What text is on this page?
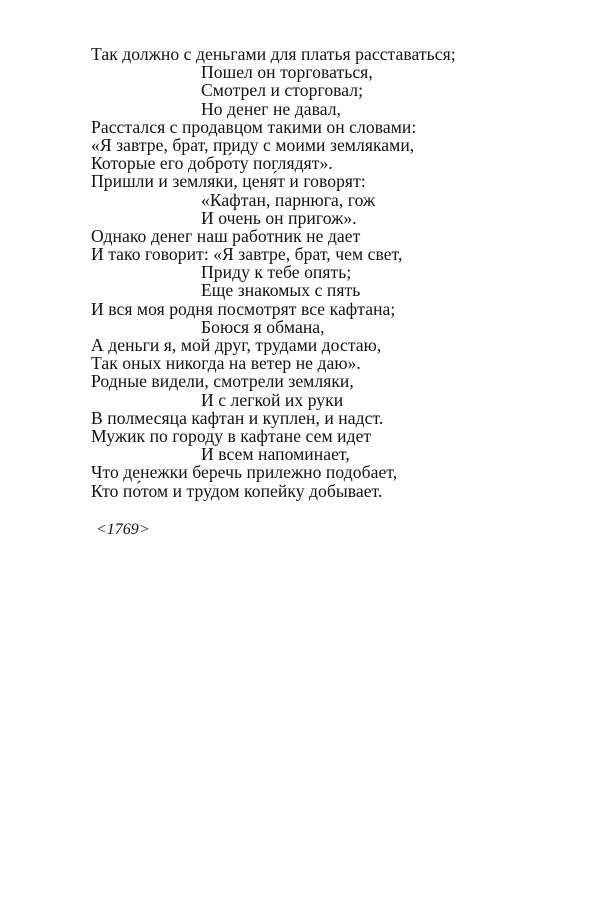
Так должно с деньгами для платья расставаться;
Пошел он торговаться,
Смотрел и сторговал;
Но денег не давал,
Расстался с продавцом такими он словами:
«Я завтре, брат, приду с моими земляками,
Которые его добро́ту поглядят».
Пришли и земляки, ценя́т и говорят:
«Кафтан, парнюга, гож
И очень он пригож».
Однако денег наш работник не дает
И тако говорит: «Я завтре, брат, чем свет,
Приду к тебе опять;
Еще знакомых с пять
И вся моя родня посмотрят все кафтана;
Боюся я обмана,
А деньги я, мой друг, трудами достаю,
Так оных никогда на ветер не даю».
Родные видели, смотрели земляки,
И с легкой их руки
В полмесяца кафтан и куплен, и надст.
Мужик по городу в кафтане сем идет
И всем напоминает,
Что денежки беречь прилежно подобает,
Кто по́том и трудом копейку добывает.
<1769>
